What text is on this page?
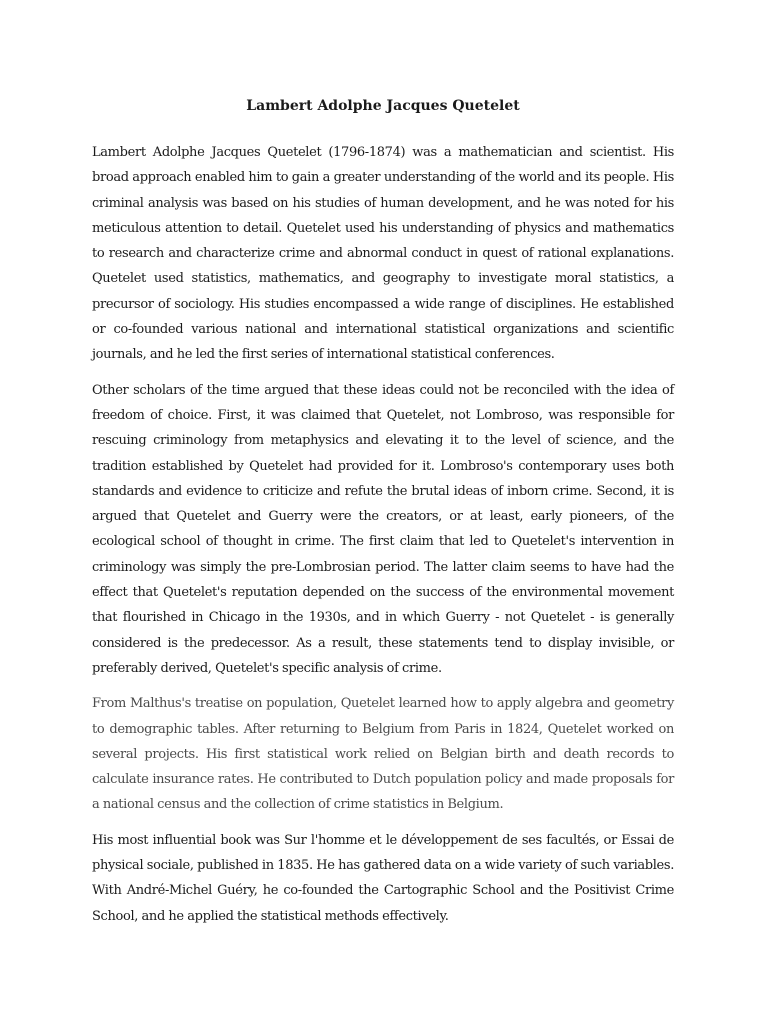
Lambert Adolphe Jacques Quetelet

Lambert Adolphe Jacques Quetelet (1796-1874) was a mathematician and scientist. His broad approach enabled him to gain a greater understanding of the world and its people. His criminal analysis was based on his studies of human development, and he was noted for his meticulous attention to detail. Quetelet used his understanding of physics and mathematics to research and characterize crime and abnormal conduct in quest of rational explanations. Quetelet used statistics, mathematics, and geography to investigate moral statistics, a precursor of sociology. His studies encompassed a wide range of disciplines. He established or co-founded various national and international statistical organizations and scientific journals, and he led the first series of international statistical conferences.

Other scholars of the time argued that these ideas could not be reconciled with the idea of freedom of choice. First, it was claimed that Quetelet, not Lombroso, was responsible for rescuing criminology from metaphysics and elevating it to the level of science, and the tradition established by Quetelet had provided for it. Lombroso's contemporary uses both standards and evidence to criticize and refute the brutal ideas of inborn crime. Second, it is argued that Quetelet and Guerry were the creators, or at least, early pioneers, of the ecological school of thought in crime. The first claim that led to Quetelet's intervention in criminology was simply the pre-Lombrosian period. The latter claim seems to have had the effect that Quetelet's reputation depended on the success of the environmental movement that flourished in Chicago in the 1930s, and in which Guerry - not Quetelet - is generally considered is the predecessor. As a result, these statements tend to display invisible, or preferably derived, Quetelet's specific analysis of crime.

From Malthus's treatise on population, Quetelet learned how to apply algebra and geometry to demographic tables. After returning to Belgium from Paris in 1824, Quetelet worked on several projects. His first statistical work relied on Belgian birth and death records to calculate insurance rates. He contributed to Dutch population policy and made proposals for a national census and the collection of crime statistics in Belgium.

His most influential book was Sur l'homme et le développement de ses facultés, or Essai de physical sociale, published in 1835. He has gathered data on a wide variety of such variables. With André-Michel Guéry, he co-founded the Cartographic School and the Positivist Crime School, and he applied the statistical methods effectively.
